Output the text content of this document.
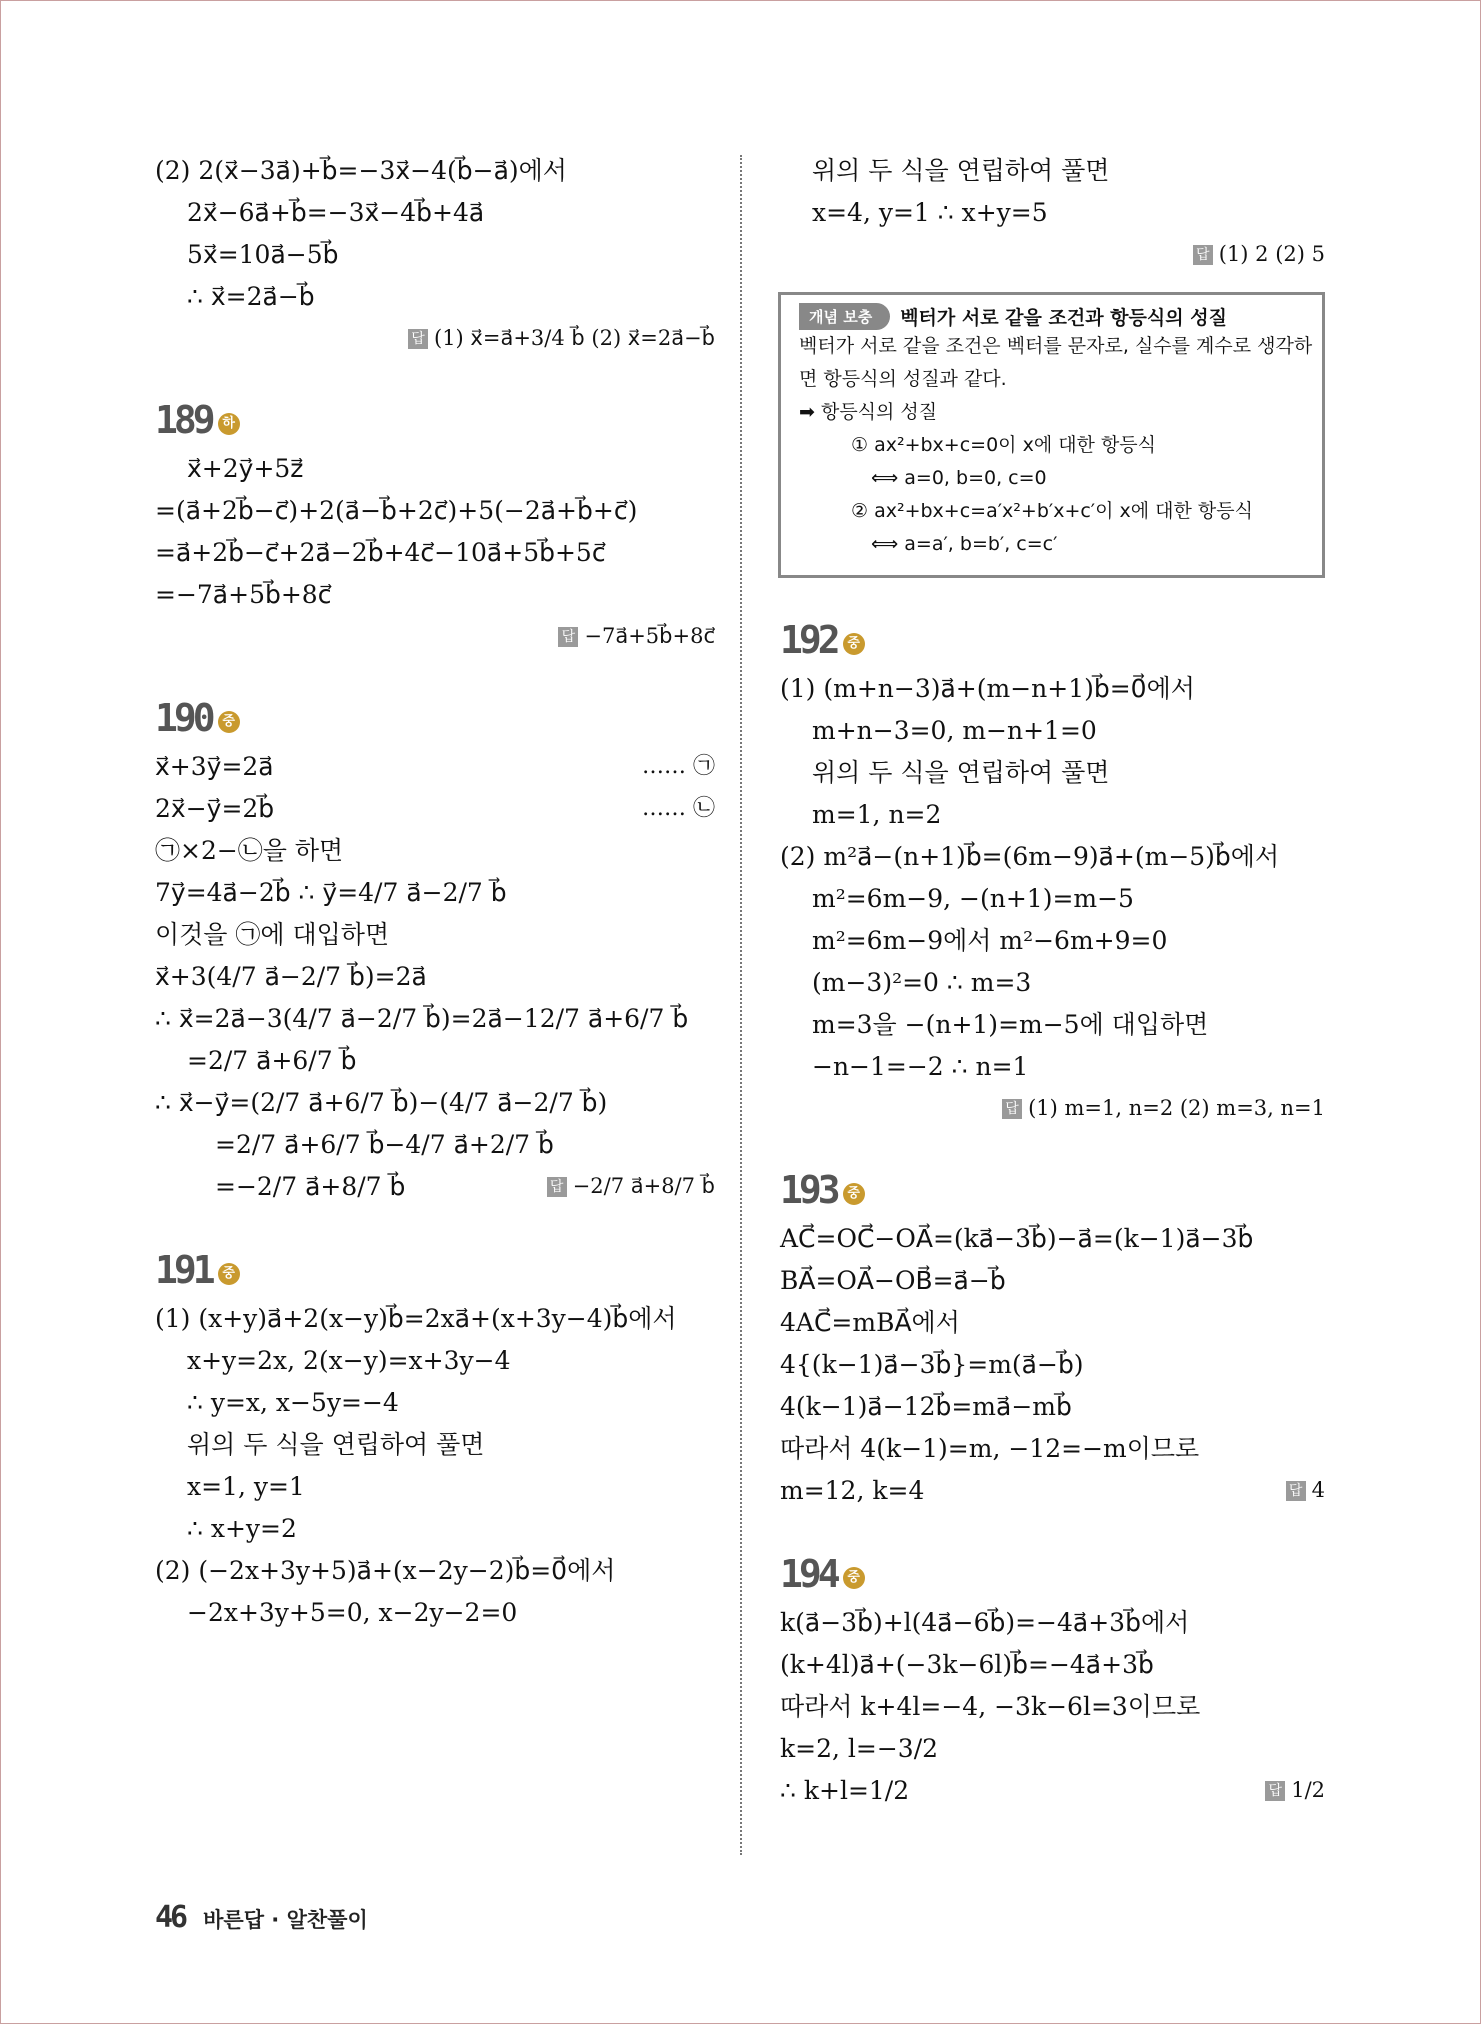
(2) 2(x⃗−3a⃗)+b⃗=−3x⃗−4(b⃗−a⃗)에서
2x⃗−6a⃗+b⃗=−3x⃗−4b⃗+4a⃗
5x⃗=10a⃗−5b⃗
∴ x⃗=2a⃗−b⃗
답 (1) x⃗=a⃗+3/4 b⃗ (2) x⃗=2a⃗−b⃗
189 하
x⃗+2y⃗+5z⃗
=(a⃗+2b⃗−c⃗)+2(a⃗−b⃗+2c⃗)+5(−2a⃗+b⃗+c⃗)
=a⃗+2b⃗−c⃗+2a⃗−2b⃗+4c⃗−10a⃗+5b⃗+5c⃗
=−7a⃗+5b⃗+8c⃗
답 −7a⃗+5b⃗+8c⃗
190 중
x⃗+3y⃗=2a⃗	…… ㉠
2x⃗−y⃗=2b⃗	…… ㉡
㉠×2−㉡을 하면
7y⃗=4a⃗−2b⃗ ∴ y⃗=4/7 a⃗−2/7 b⃗
이것을 ㉠에 대입하면
x⃗+3(4/7 a⃗−2/7 b⃗)=2a⃗
∴ x⃗=2a⃗−3(4/7 a⃗−2/7 b⃗)=2a⃗−12/7 a⃗+6/7 b⃗
=2/7 a⃗+6/7 b⃗
∴ x⃗−y⃗=(2/7 a⃗+6/7 b⃗)−(4/7 a⃗−2/7 b⃗)
=2/7 a⃗+6/7 b⃗−4/7 a⃗+2/7 b⃗
=−2/7 a⃗+8/7 b⃗	답 −2/7 a⃗+8/7 b⃗
191 중
(1) (x+y)a⃗+2(x−y)b⃗=2xa⃗+(x+3y−4)b⃗에서
x+y=2x, 2(x−y)=x+3y−4
∴ y=x, x−5y=−4
위의 두 식을 연립하여 풀면
x=1, y=1
∴ x+y=2
(2) (−2x+3y+5)a⃗+(x−2y−2)b⃗=0⃗에서
−2x+3y+5=0, x−2y−2=0
위의 두 식을 연립하여 풀면
x=4, y=1 ∴ x+y=5
답 (1) 2 (2) 5
개념 보충	벡터가 서로 같을 조건과 항등식의 성질
벡터가 서로 같을 조건은 벡터를 문자로, 실수를 계수로 생각하
면 항등식의 성질과 같다.
➡ 항등식의 성질
① ax²+bx+c=0이 x에 대한 항등식
⟺ a=0, b=0, c=0
② ax²+bx+c=a′x²+b′x+c′이 x에 대한 항등식
⟺ a=a′, b=b′, c=c′
192 중
(1) (m+n−3)a⃗+(m−n+1)b⃗=0⃗에서
m+n−3=0, m−n+1=0
위의 두 식을 연립하여 풀면
m=1, n=2
(2) m²a⃗−(n+1)b⃗=(6m−9)a⃗+(m−5)b⃗에서
m²=6m−9, −(n+1)=m−5
m²=6m−9에서 m²−6m+9=0
(m−3)²=0 ∴ m=3
m=3을 −(n+1)=m−5에 대입하면
−n−1=−2 ∴ n=1
답 (1) m=1, n=2 (2) m=3, n=1
193 중
AC⃗=OC⃗−OA⃗=(ka⃗−3b⃗)−a⃗=(k−1)a⃗−3b⃗
BA⃗=OA⃗−OB⃗=a⃗−b⃗
4AC⃗=mBA⃗에서
4{(k−1)a⃗−3b⃗}=m(a⃗−b⃗)
4(k−1)a⃗−12b⃗=ma⃗−mb⃗
따라서 4(k−1)=m, −12=−m이므로
m=12, k=4	답 4
194 중
k(a⃗−3b⃗)+l(4a⃗−6b⃗)=−4a⃗+3b⃗에서
(k+4l)a⃗+(−3k−6l)b⃗=−4a⃗+3b⃗
따라서 k+4l=−4, −3k−6l=3이므로
k=2, l=−3/2
∴ k+l=1/2	답 1/2
46 바른답 · 알찬풀이
